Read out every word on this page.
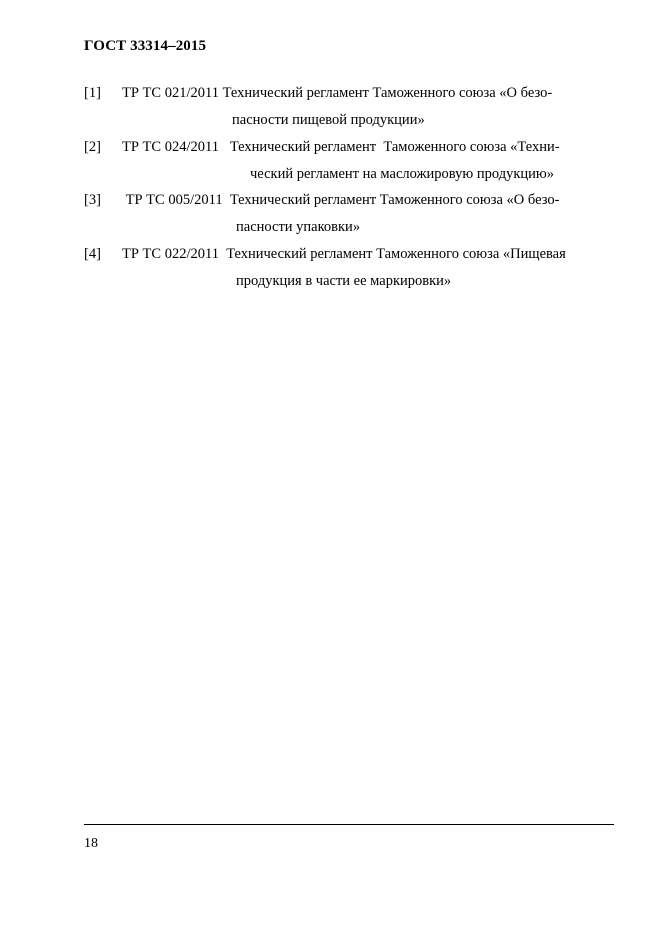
ГОСТ 33314–2015
[1] ТР ТС 021/2011 Технический регламент Таможенного союза «О безо-
пасности пищевой продукции»
[2] ТР ТС 024/2011   Технический регламент  Таможенного союза «Техни-
ческий регламент на масложировую продукцию»
[3] ТР ТС 005/2011  Технический регламент Таможенного союза «О безо-
пасности упаковки»
[4] ТР ТС 022/2011  Технический регламент Таможенного союза «Пищевая
продукция в части ее маркировки»
18
